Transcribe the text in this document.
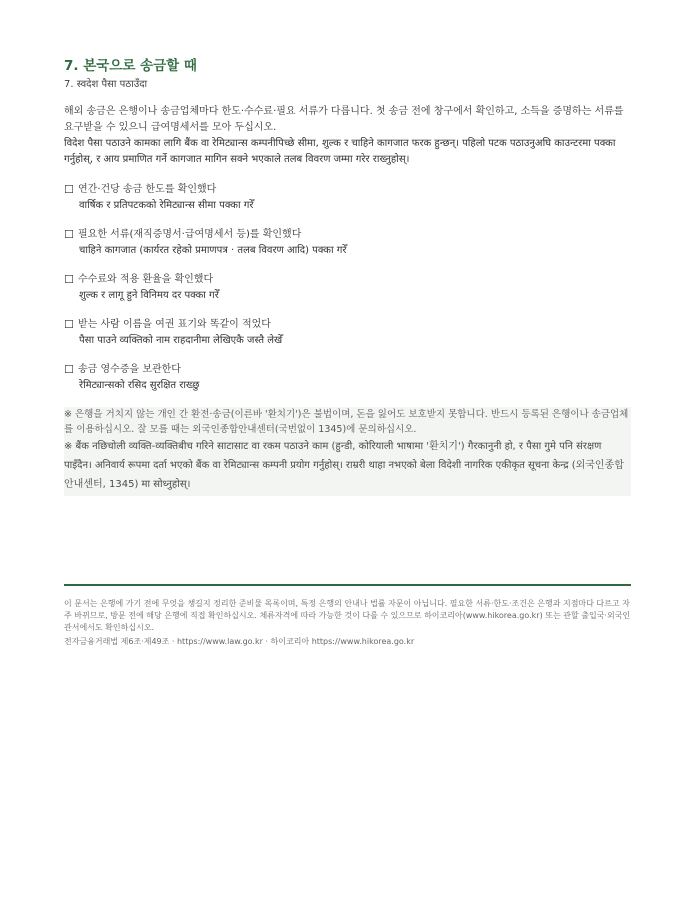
7. 본국으로 송금할 때
7. स्वदेश पैसा पठाउँदा
해외 송금은 은행이나 송금업체마다 한도·수수료·필요 서류가 다릅니다. 첫 송금 전에 창구에서 확인하고, 소득을 증명하는 서류를 요구받을 수 있으니 급여명세서를 모아 두십시오.
विदेश पैसा पठाउने कामका लागि बैंक वा रेमिट्यान्स कम्पनीपिच्छे सीमा, शुल्क र चाहिने कागजात फरक हुन्छन्। पहिलो पटक पठाउनुअघि काउन्टरमा पक्का गर्नुहोस्, र आय प्रमाणित गर्ने कागजात मागिन सक्ने भएकाले तलब विवरण जम्मा गरेर राख्नुहोस्।
☐ 연간·건당 송금 한도를 확인했다
वार्षिक र प्रतिपटकको रेमिट्यान्स सीमा पक्का गरेँ
☐ 필요한 서류(재직증명서·급여명세서 등)를 확인했다
चाहिने कागजात (कार्यरत रहेको प्रमाणपत्र · तलब विवरण आदि) पक्का गरेँ
☐ 수수료와 적용 환율을 확인했다
शुल्क र लागू हुने विनिमय दर पक्का गरेँ
☐ 받는 사람 이름을 여권 표기와 똑같이 적었다
पैसा पाउने व्यक्तिको नाम राहदानीमा लेखिएकै जस्तै लेखेँ
☐ 송금 영수증을 보관한다
रेमिट्यान्सको रसिद सुरक्षित राख्छु
※ 은행을 거치지 않는 개인 간 환전·송금(이른바 '환치기')은 불법이며, 돈을 잃어도 보호받지 못합니다. 반드시 등록된 은행이나 송금업체를 이용하십시오. 잘 모를 때는 외국인종합안내센터(국번없이 1345)에 문의하십시오.
※ बैंक नछिचोली व्यक्ति-व्यक्तिबीच गरिने साटासाट वा रकम पठाउने काम (हुन्डी, कोरियाली भाषामा '환치기') गैरकानुनी हो, र पैसा गुमे पनि संरक्षण पाइँदैन। अनिवार्य रूपमा दर्ता भएको बैंक वा रेमिट्यान्स कम्पनी प्रयोग गर्नुहोस्। राम्ररी थाहा नभएको बेला विदेशी नागरिक एकीकृत सूचना केन्द्र (외국인종합안내센터, 1345) मा सोध्नुहोस्।
이 문서는 은행에 가기 전에 무엇을 챙길지 정리한 준비물 목록이며, 특정 은행의 안내나 법률 자문이 아닙니다. 필요한 서류·한도·조건은 은행과 지점마다 다르고 자주 바뀌므로, 방문 전에 해당 은행에 직접 확인하십시오. 체류자격에 따라 가능한 것이 다를 수 있으므로 하이코리아(www.hikorea.go.kr) 또는 관할 출입국·외국인관서에서도 확인하십시오.
전자금융거래법 제6조·제49조 · https://www.law.go.kr · 하이코리아 https://www.hikorea.go.kr
